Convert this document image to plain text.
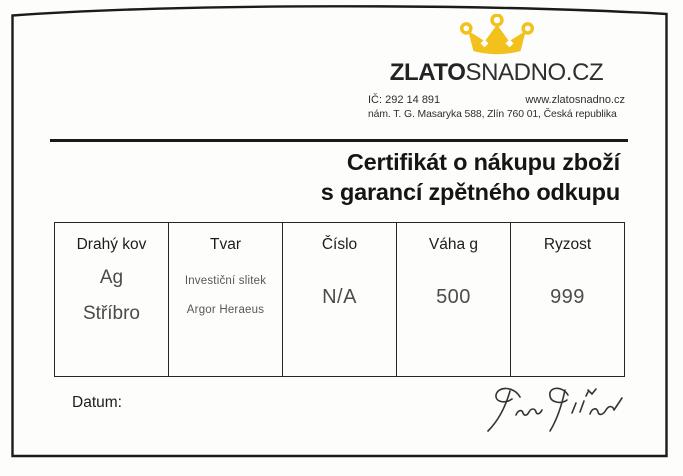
ZLATOSNADNO.CZ
IČ: 292 14 891	www.zlatosnadno.cz
nám. T. G. Masaryka 588, Zlín 760 01, Česká republika
Certifikát o nákupu zboží
s garancí zpětného odkupu
Drahý kov
Ag
Stříbro
Tvar
Investiční slitek
Argor Heraeus
Číslo
N/A
Váha g
500
Ryzost
999
Datum:
